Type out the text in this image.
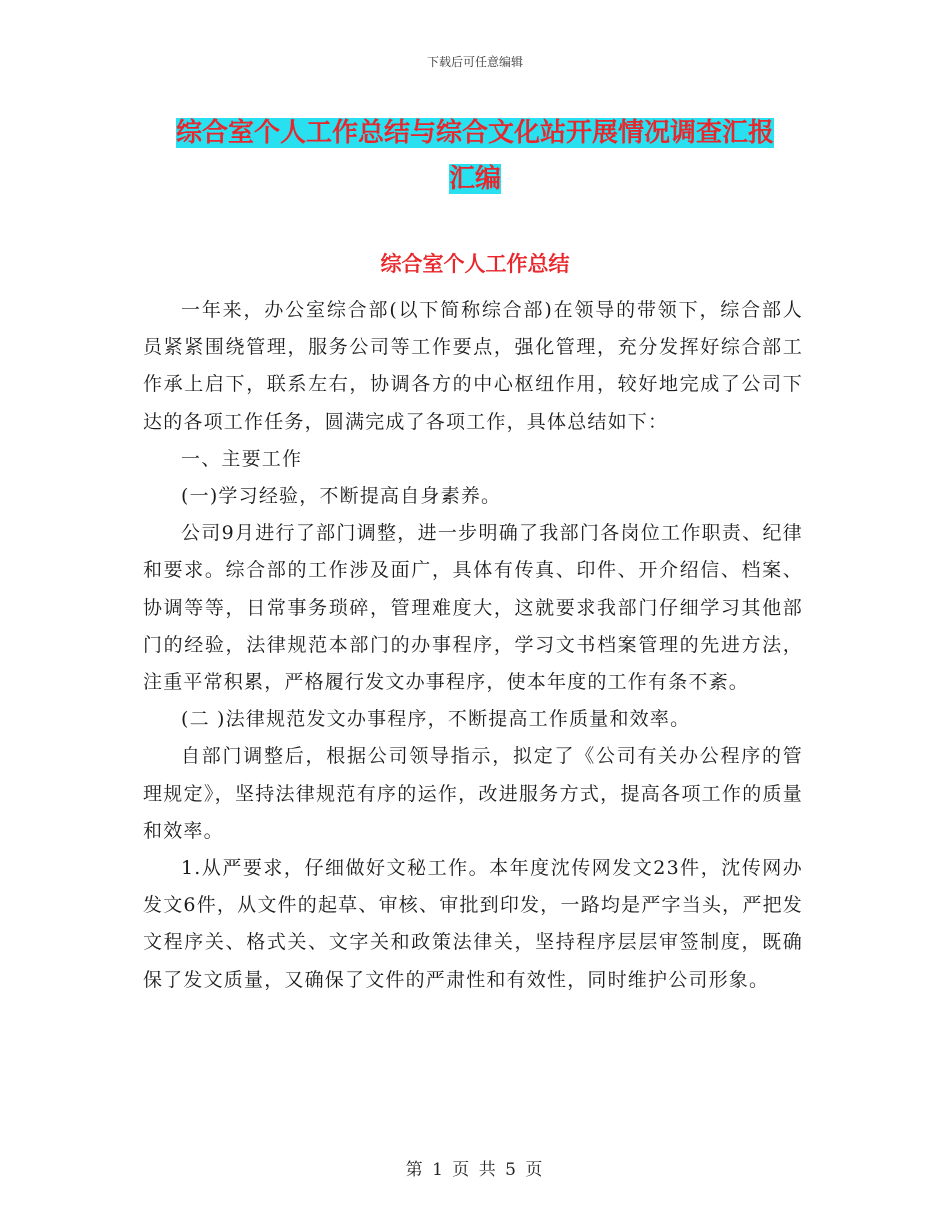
下载后可任意编辑
综合室个人工作总结与综合文化站开展情况调查汇报
汇编
综合室个人工作总结

一年来，办公室综合部(以下简称综合部)在领导的带领下，综合部人员紧紧围绕管理，服务公司等工作要点，强化管理，充分发挥好综合部工作承上启下，联系左右，协调各方的中心枢纽作用，较好地完成了公司下达的各项工作任务，圆满完成了各项工作，具体总结如下：

一、主要工作

(一)学习经验，不断提高自身素养。

公司9月进行了部门调整，进一步明确了我部门各岗位工作职责、纪律和要求。综合部的工作涉及面广，具体有传真、印件、开介绍信、档案、协调等等，日常事务琐碎，管理难度大，这就要求我部门仔细学习其他部门的经验，法律规范本部门的办事程序，学习文书档案管理的先进方法，注重平常积累，严格履行发文办事程序，使本年度的工作有条不紊。

(二 )法律规范发文办事程序，不断提高工作质量和效率。

自部门调整后，根据公司领导指示，拟定了《公司有关办公程序的管理规定》，坚持法律规范有序的运作，改进服务方式，提高各项工作的质量和效率。

1.从严要求，仔细做好文秘工作。本年度沈传网发文23件，沈传网办发文6件，从文件的起草、审核、审批到印发，一路均是严字当头，严把发文程序关、格式关、文字关和政策法律关，坚持程序层层审签制度，既确保了发文质量，又确保了文件的严肃性和有效性，同时维护公司形象。

第 1 页 共 5 页
